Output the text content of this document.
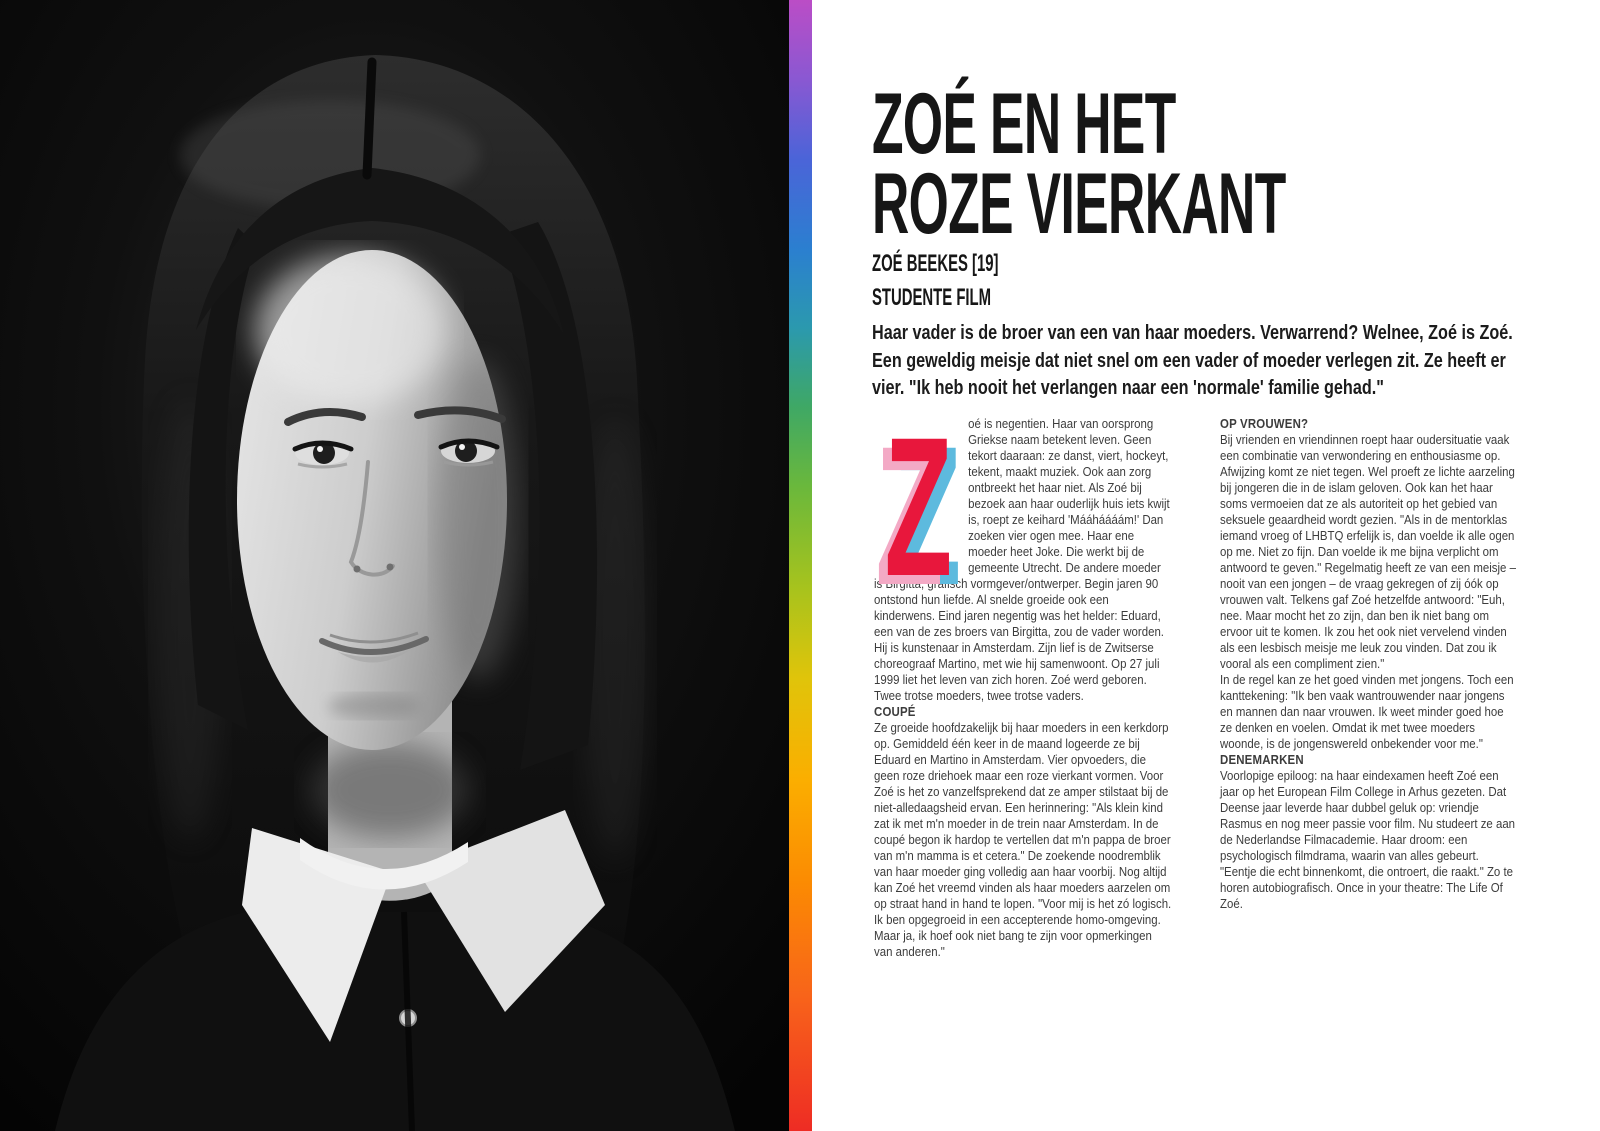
ZOÉ EN HET
ROZE VIERKANT
ZOÉ BEEKES [19]
STUDENTE FILM
Haar vader is de broer van een van haar moeders. Verwarrend? Welnee, Zoé is Zoé. Een geweldig meisje dat niet snel om een vader of moeder verlegen zit. Ze heeft er vier. "Ik heb nooit het verlangen naar een 'normale' familie gehad."

Z oé is negentien. Haar van oorsprong Griekse naam betekent leven. Geen tekort daaraan: ze danst, viert, hockeyt, tekent, maakt muziek. Ook aan zorg ontbreekt het haar niet. Als Zoé bij bezoek aan haar ouderlijk huis iets kwijt is, roept ze keihard 'Mááháááám!' Dan zoeken vier ogen mee. Haar ene moeder heet Joke. Die werkt bij de gemeente Utrecht. De andere moeder is Birgitta, grafisch vormgever/ontwerper. Begin jaren 90 ontstond hun liefde. Al snelde groeide ook een kinderwens. Eind jaren negentig was het helder: Eduard, een van de zes broers van Birgitta, zou de vader worden. Hij is kunstenaar in Amsterdam. Zijn lief is de Zwitserse choreograaf Martino, met wie hij samenwoont. Op 27 juli 1999 liet het leven van zich horen. Zoé werd geboren. Twee trotse moeders, twee trotse vaders.

COUPÉ

Ze groeide hoofdzakelijk bij haar moeders in een kerkdorp op. Gemiddeld één keer in de maand logeerde ze bij Eduard en Martino in Amsterdam. Vier opvoeders, die geen roze driehoek maar een roze vierkant vormen. Voor Zoé is het zo vanzelfsprekend dat ze amper stilstaat bij de niet-alledaagsheid ervan. Een herinnering: "Als klein kind zat ik met m'n moeder in de trein naar Amsterdam. In de coupé begon ik hardop te vertellen dat m'n pappa de broer van m'n mamma is et cetera." De zoekende noodremblik van haar moeder ging volledig aan haar voorbij. Nog altijd kan Zoé het vreemd vinden als haar moeders aarzelen om op straat hand in hand te lopen. "Voor mij is het zó logisch. Ik ben opgegroeid in een accepterende homo-omgeving. Maar ja, ik hoef ook niet bang te zijn voor opmerkingen van anderen."

OP VROUWEN?

Bij vrienden en vriendinnen roept haar oudersituatie vaak een combinatie van verwondering en enthousiasme op. Afwijzing komt ze niet tegen. Wel proeft ze lichte aarzeling bij jongeren die in de islam geloven. Ook kan het haar soms vermoeien dat ze als autoriteit op het gebied van seksuele geaardheid wordt gezien. "Als in de mentorklas iemand vroeg of LHBTQ erfelijk is, dan voelde ik alle ogen op me. Niet zo fijn. Dan voelde ik me bijna verplicht om antwoord te geven." Regelmatig heeft ze van een meisje – nooit van een jongen – de vraag gekregen of zij óók op vrouwen valt. Telkens gaf Zoé hetzelfde antwoord: "Euh, nee. Maar mocht het zo zijn, dan ben ik niet bang om ervoor uit te komen. Ik zou het ook niet vervelend vinden als een lesbisch meisje me leuk zou vinden. Dat zou ik vooral als een compliment zien."

In de regel kan ze het goed vinden met jongens. Toch een kanttekening: "Ik ben vaak wantrouwender naar jongens en mannen dan naar vrouwen. Ik weet minder goed hoe ze denken en voelen. Omdat ik met twee moeders woonde, is de jongenswereld onbekender voor me."

DENEMARKEN

Voorlopige epiloog: na haar eindexamen heeft Zoé een jaar op het European Film College in Arhus gezeten. Dat Deense jaar leverde haar dubbel geluk op: vriendje Rasmus en nog meer passie voor film. Nu studeert ze aan de Nederlandse Filmacademie. Haar droom: een psychologisch filmdrama, waarin van alles gebeurt. "Eentje die echt binnenkomt, die ontroert, die raakt." Zo te horen autobiografisch. Once in your theatre: The Life Of Zoé.
